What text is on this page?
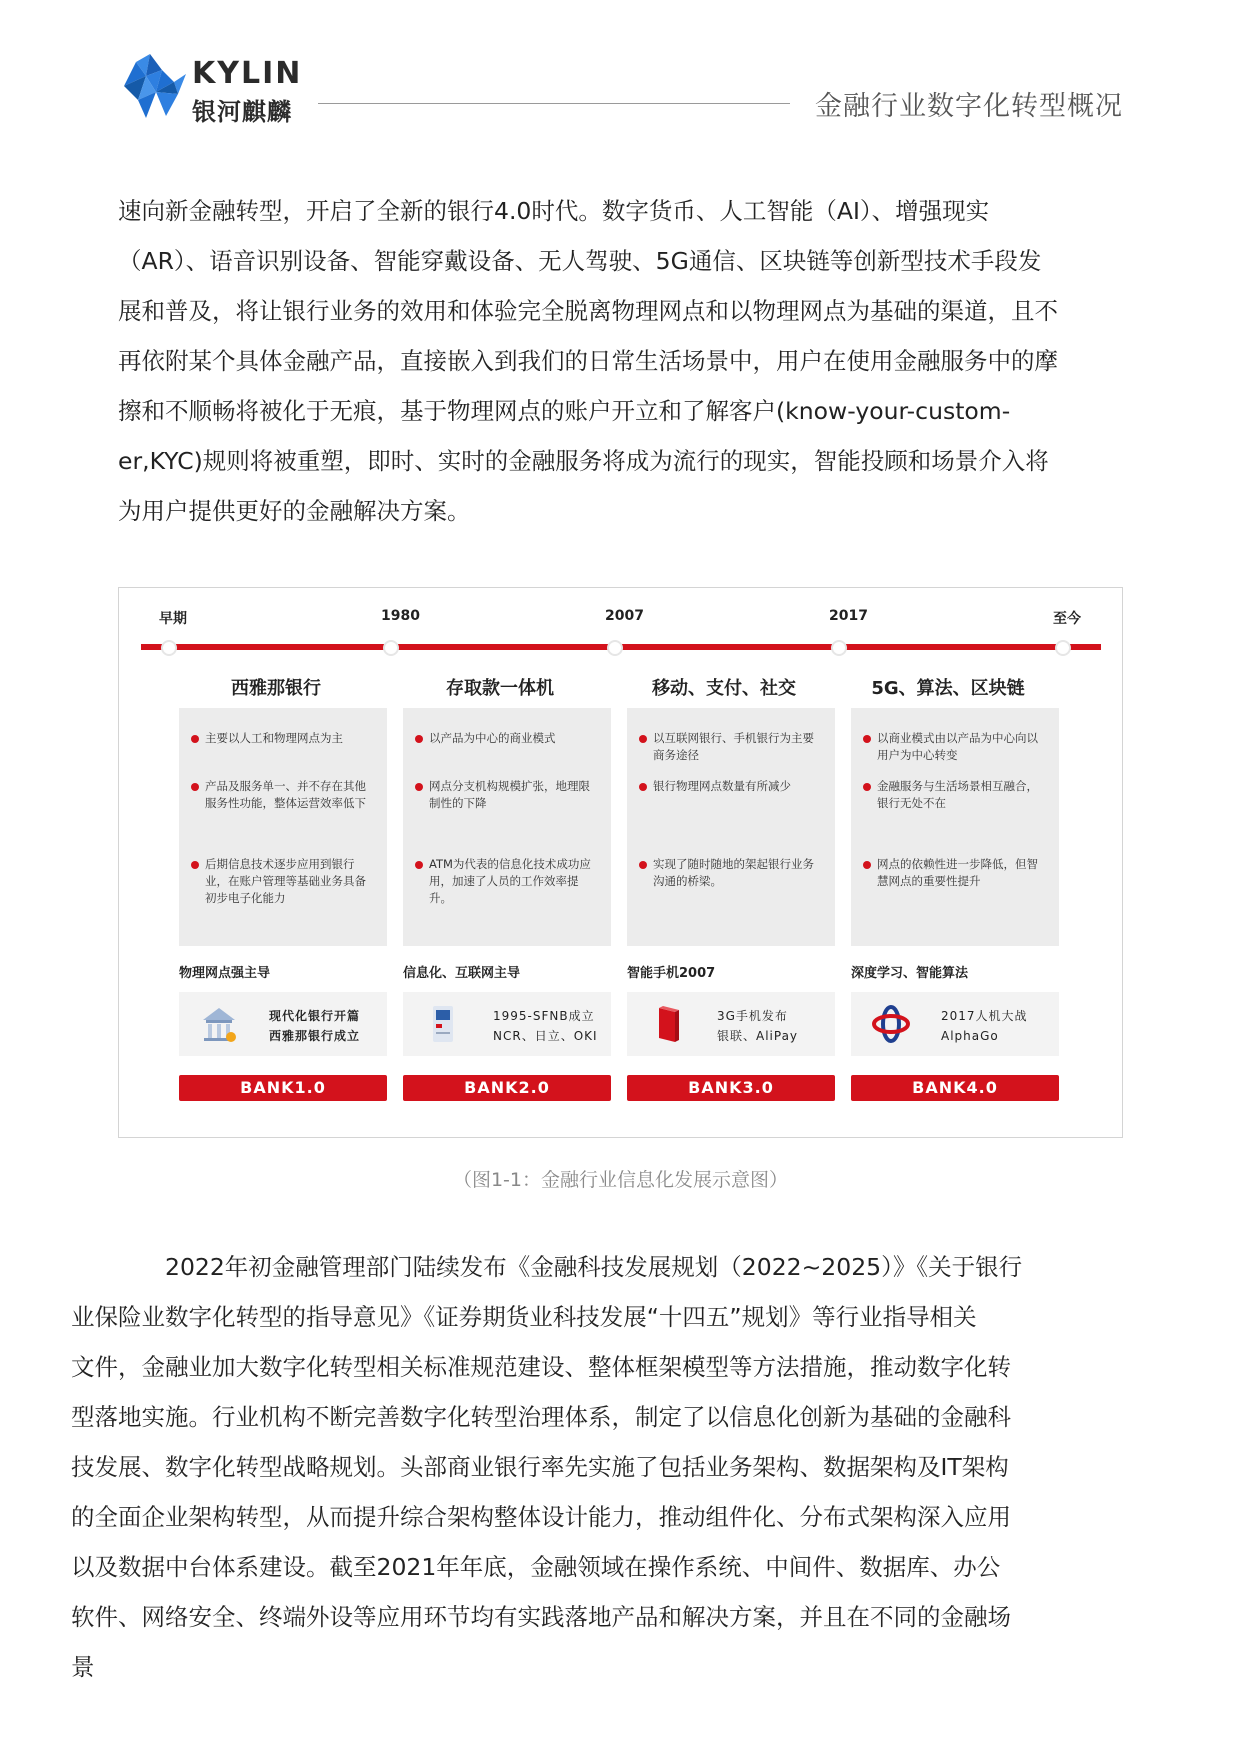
KYLIN
银河麒麟	金融行业数字化转型概况
速向新金融转型，开启了全新的银行4.0时代。数字货币、人工智能（AI）、增强现实
（AR）、语音识别设备、智能穿戴设备、无人驾驶、5G通信、区块链等创新型技术手段发
展和普及，将让银行业务的效用和体验完全脱离物理网点和以物理网点为基础的渠道，且不
再依附某个具体金融产品，直接嵌入到我们的日常生活场景中，用户在使用金融服务中的摩
擦和不顺畅将被化于无痕，基于物理网点的账户开立和了解客户(know-your-custom-
er,KYC)规则将被重塑，即时、实时的金融服务将成为流行的现实，智能投顾和场景介入将
为用户提供更好的金融解决方案。
早期	1980	2007	2017	至今
西雅那银行
主要以人工和物理网点为主
产品及服务单一、并不存在其他服务性功能，整体运营效率低下
后期信息技术逐步应用到银行业，在账户管理等基础业务具备初步电子化能力
物理网点强主导
现代化银行开篇
西雅那银行成立
BANK1.0
存取款一体机
以产品为中心的商业模式
网点分支机构规模扩张，地理限制性的下降
ATM为代表的信息化技术成功应用，加速了人员的工作效率提升。
信息化、互联网主导
1995-SFNB成立
NCR、日立、OKI
BANK2.0
移动、支付、社交
以互联网银行、手机银行为主要商务途径
银行物理网点数量有所减少
实现了随时随地的架起银行业务沟通的桥梁。
智能手机2007
3G手机发布
银联、AliPay
BANK3.0
5G、算法、区块链
以商业模式由以产品为中心向以用户为中心转变
金融服务与生活场景相互融合，银行无处不在
网点的依赖性进一步降低，但智慧网点的重要性提升
深度学习、智能算法
2017人机大战
AlphaGo
BANK4.0
（图1-1：金融行业信息化发展示意图）
2022年初金融管理部门陆续发布《金融科技发展规划（2022~2025）》《关于银行
业保险业数字化转型的指导意见》《证券期货业科技发展“十四五”规划》等行业指导相关
文件，金融业加大数字化转型相关标准规范建设、整体框架模型等方法措施，推动数字化转
型落地实施。行业机构不断完善数字化转型治理体系，制定了以信息化创新为基础的金融科
技发展、数字化转型战略规划。头部商业银行率先实施了包括业务架构、数据架构及IT架构
的全面企业架构转型，从而提升综合架构整体设计能力，推动组件化、分布式架构深入应用
以及数据中台体系建设。截至2021年年底，金融领域在操作系统、中间件、数据库、办公
软件、网络安全、终端外设等应用环节均有实践落地产品和解决方案，并且在不同的金融场
景
